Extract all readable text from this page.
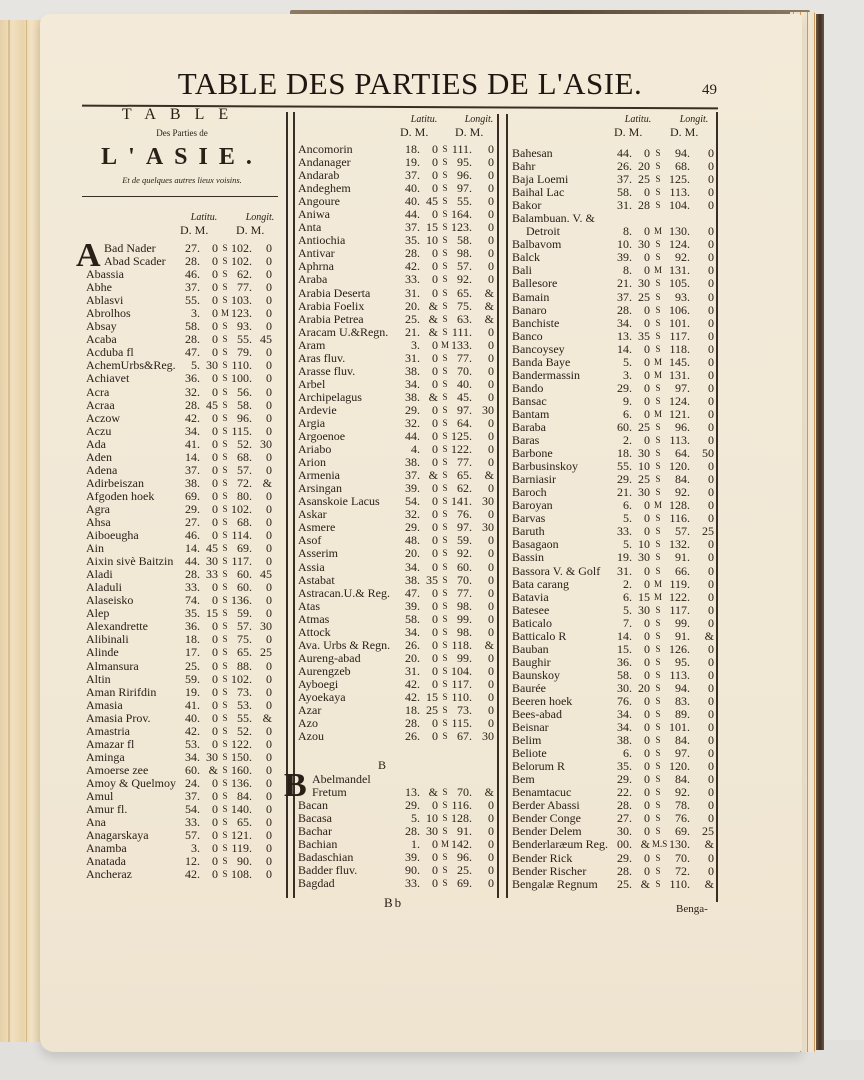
TABLE DES PARTIES DE L'ASIE.	49
TABLE
Des Parties de
L'ASIE.
Et de quelques autres lieux voisins.
Latitu.
D. M.
Longit.
D. M.
Latitu.
D. M.
Longit.
D. M.
Latitu.
D. M.
Longit.
D. M.
A Bad Nader	27.	0 S 102.	0
Abad Scader	28.	0 S 102.	0
Abassia	46.	0 S 62.	0
Abhe	37.	0 S 77.	0
Ablasvi	55.	0 S 103.	0
Abrolhos	3.	0 M 123.	0
Absay	58.	0 S 93.	0
Acaba	28.	0 S 55. 45
Acduba fl	47.	0 S 79.	0
AchemUrbs&Reg.	5. 30 S 110.	0
Achiavet	36.	0 S 100.	0
Acra	32.	0 S 56.	0
Acraa	28. 45 S 58.	0
Aczow	42.	0 S 96.	0
Aczu	34.	0 S 115.	0
Ada	41.	0 S 52. 30
Aden	14.	0 S 68.	0
Adena	37.	0 S 57.	0
Adirbeiszan	38.	0 S 72. &
Afgoden hoek	69.	0 S 80.	0
Agra	29.	0 S 102.	0
Ahsa	27.	0 S 68.	0
Aiboeugha	46.	0 S 114.	0
Ain	14. 45 S 69.	0
Aixin sivè Baitzin 44. 30 S 117.	0
Aladi	28. 33 S 60. 45
Aladuli	33.	0 S 60.	0
Alaseisko	74.	0 S 136.	0
Alep	35. 15 S 59.	0
Alexandrette	36.	0 S 57. 30
Alibinali	18.	0 S 75.	0
Alinde	17.	0 S 65. 25
Almansura	25.	0 S 88.	0
Altin	59.	0 S 102.	0
Aman Ririfdin	19.	0 S 73.	0
Amasia	41.	0 S 53.	0
Amasia Prov.	40.	0 S 55. &
Amastria	42.	0 S 52.	0
Amazar fl	53.	0 S 122.	0
Aminga	34. 30 S 150.	0
Amoerse zee	60. & S 160.	0
Amoy & Quelmoy 24.	0 S 136.	0
Amul	37.	0 S 84.	0
Amur fl.	54.	0 S 140.	0
Ana	33.	0 S 65.	0
Anagarskaya	57.	0 S 121.	0
Anamba	3.	0 S 119.	0
Anatada	12.	0 S 90.	0
Ancheraz	42.	0 S 108.	0
Ancomorin	18.	0 S 111.	0
Andanager	19.	0 S 95.	0
Andarab	37.	0 S 96.	0
Andeghem	40.	0 S 97.	0
Angoure	40. 45 S 55.	0
Aniwa	44.	0 S 164.	0
Anta	37. 15 S 123.	0
Antiochia	35. 10 S 58.	0
Antivar	28.	0 S 98.	0
Aphrna	42.	0 S 57.	0
Araba	33.	0 S 92.	0
Arabia Deserta	31.	0 S 65.	&
Arabia Foelix	20. & S 75.	&
Arabia Petrea	25. & S 63.	&
Aracam U.&Regn.	21. & S 111.	0
Aram	3.	0 M 133.	0
Aras fluv.	31.	0 S 77.	0
Arasse fluv.	38.	0 S 70.	0
Arbel	34.	0 S 40.	0
Archipelagus	38. & S 45.	0
Ardevie	29.	0 S 97. 30
Argia	32.	0 S 64.	0
Argoenoe	44.	0 S 125.	0
Ariabo	4.	0 S 122.	0
Arion	38.	0 S 77.	0
Armenia	37. & S 65.	&
Arsingan	39.	0 S 62.	0
Asanskoie Lacus	54.	0 S 141. 30
Askar	32.	0 S 76.	0
Asmere	29.	0 S 97. 30
Asof	48.	0 S 59.	0
Asserim	20.	0 S 92.	0
Assia	34.	0 S 60.	0
Astabat	38. 35 S 70.	0
Astracan.U.& Reg.	47.	0 S 77.	0
Atas	39.	0 S 98.	0
Atmas	58.	0 S 99.	0
Attock	34.	0 S 98.	0
Ava. Urbs & Regn.	26.	0 S 118.	&
Aureng-abad	20.	0 S 99.	0
Aurengzeb	31.	0 S 104.	0
Ayboegi	42.	0 S 117.	0
Ayoekaya	42. 15 S 110.	0
Azar	18. 25 S 73.	0
Azo	28.	0 S 115.	0
Azou	26.	0 S 67. 30
B
B Abelmandel
Fretum	13. & S 70.	&
Bacan	29.	0 S 116.	0
Bacasa	5. 10 S 128.	0
Bachar	28. 30 S 91.	0
Bachian	1.	0 M 142.	0
Badaschian	39.	0 S 96.	0
Badder fluv.	90.	0 S 25.	0
Bagdad	33.	0 S 69.	0
Bahesan	44.	0 S	94.	0
Bahr	26. 20 S	68.	0
Baja Loemi	37. 25 S 125.	0
Baihal Lac	58.	0 S 113.	0
Bakor	31. 28 S 104.	0
Balambuan. V. &
Detroit	8.	0 M 130.	0
Balbavom	10. 30 S 124.	0
Balck	39.	0 S	92.	0
Bali	8.	0 M 131.	0
Ballesore	21. 30 S 105.	0
Bamain	37. 25 S	93.	0
Banaro	28.	0 S 106.	0
Banchiste	34.	0 S 101.	0
Banco	13. 35 S 117.	0
Bancoysey	14.	0 S 118.	0
Banda Baye	5.	0 M 145.	0
Bandermassin	3.	0 M 131.	0
Bando	29.	0 S	97.	0
Bansac	9.	0 S 124.	0
Bantam	6.	0 M 121.	0
Baraba	60. 25 S	96.	0
Baras	2.	0 S 113.	0
Barbone	18. 30 S	64.	50
Barbusinskoy	55. 10 S 120.	0
Barniasir	29. 25 S	84.	0
Baroch	21. 30 S	92.	0
Baroyan	6.	0 M 128.	0
Barvas	5.	0 S 116.	0
Baruth	33.	0 S	57.	25
Basagaon	5. 10 S 132.	0
Bassin	19. 30 S	91.	0
Bassora V. & Golf	31.	0 S	66.	0
Bata carang	2.	0 M 119.	0
Batavia	6. 15 M 122.	0
Batesee	5. 30 S 117.	0
Baticalo	7.	0 S	99.	0
Batticalo R	14.	0 S	91.	&
Bauban	15.	0 S 126.	0
Baughir	36.	0 S	95.	0
Baunskoy	58.	0 S 113.	0
Baurée	30. 20 S	94.	0
Beeren hoek	76.	0 S	83.	0
Bees-abad	34.	0 S	89.	0
Beisnar	34.	0 S 101.	0
Belim	38.	0 S	84.	0
Beliote	6.	0 S	97.	0
Belorum R	35.	0 S 120.	0
Bem	29.	0 S	84.	0
Benamtacuc	22.	0 S	92.	0
Berder Abassi	28.	0 S	78.	0
Bender Conge	27.	0 S	76.	0
Bender Delem	30.	0 S	69.	25
Benderlaræum Reg. 00. & M.S 130.	&
Bender Rick	29.	0 S	70.	0
Bender Rischer	28.	0 S	72.	0
Bengalæ Regnum	25. & S 110.	&
Bb	Benga-
